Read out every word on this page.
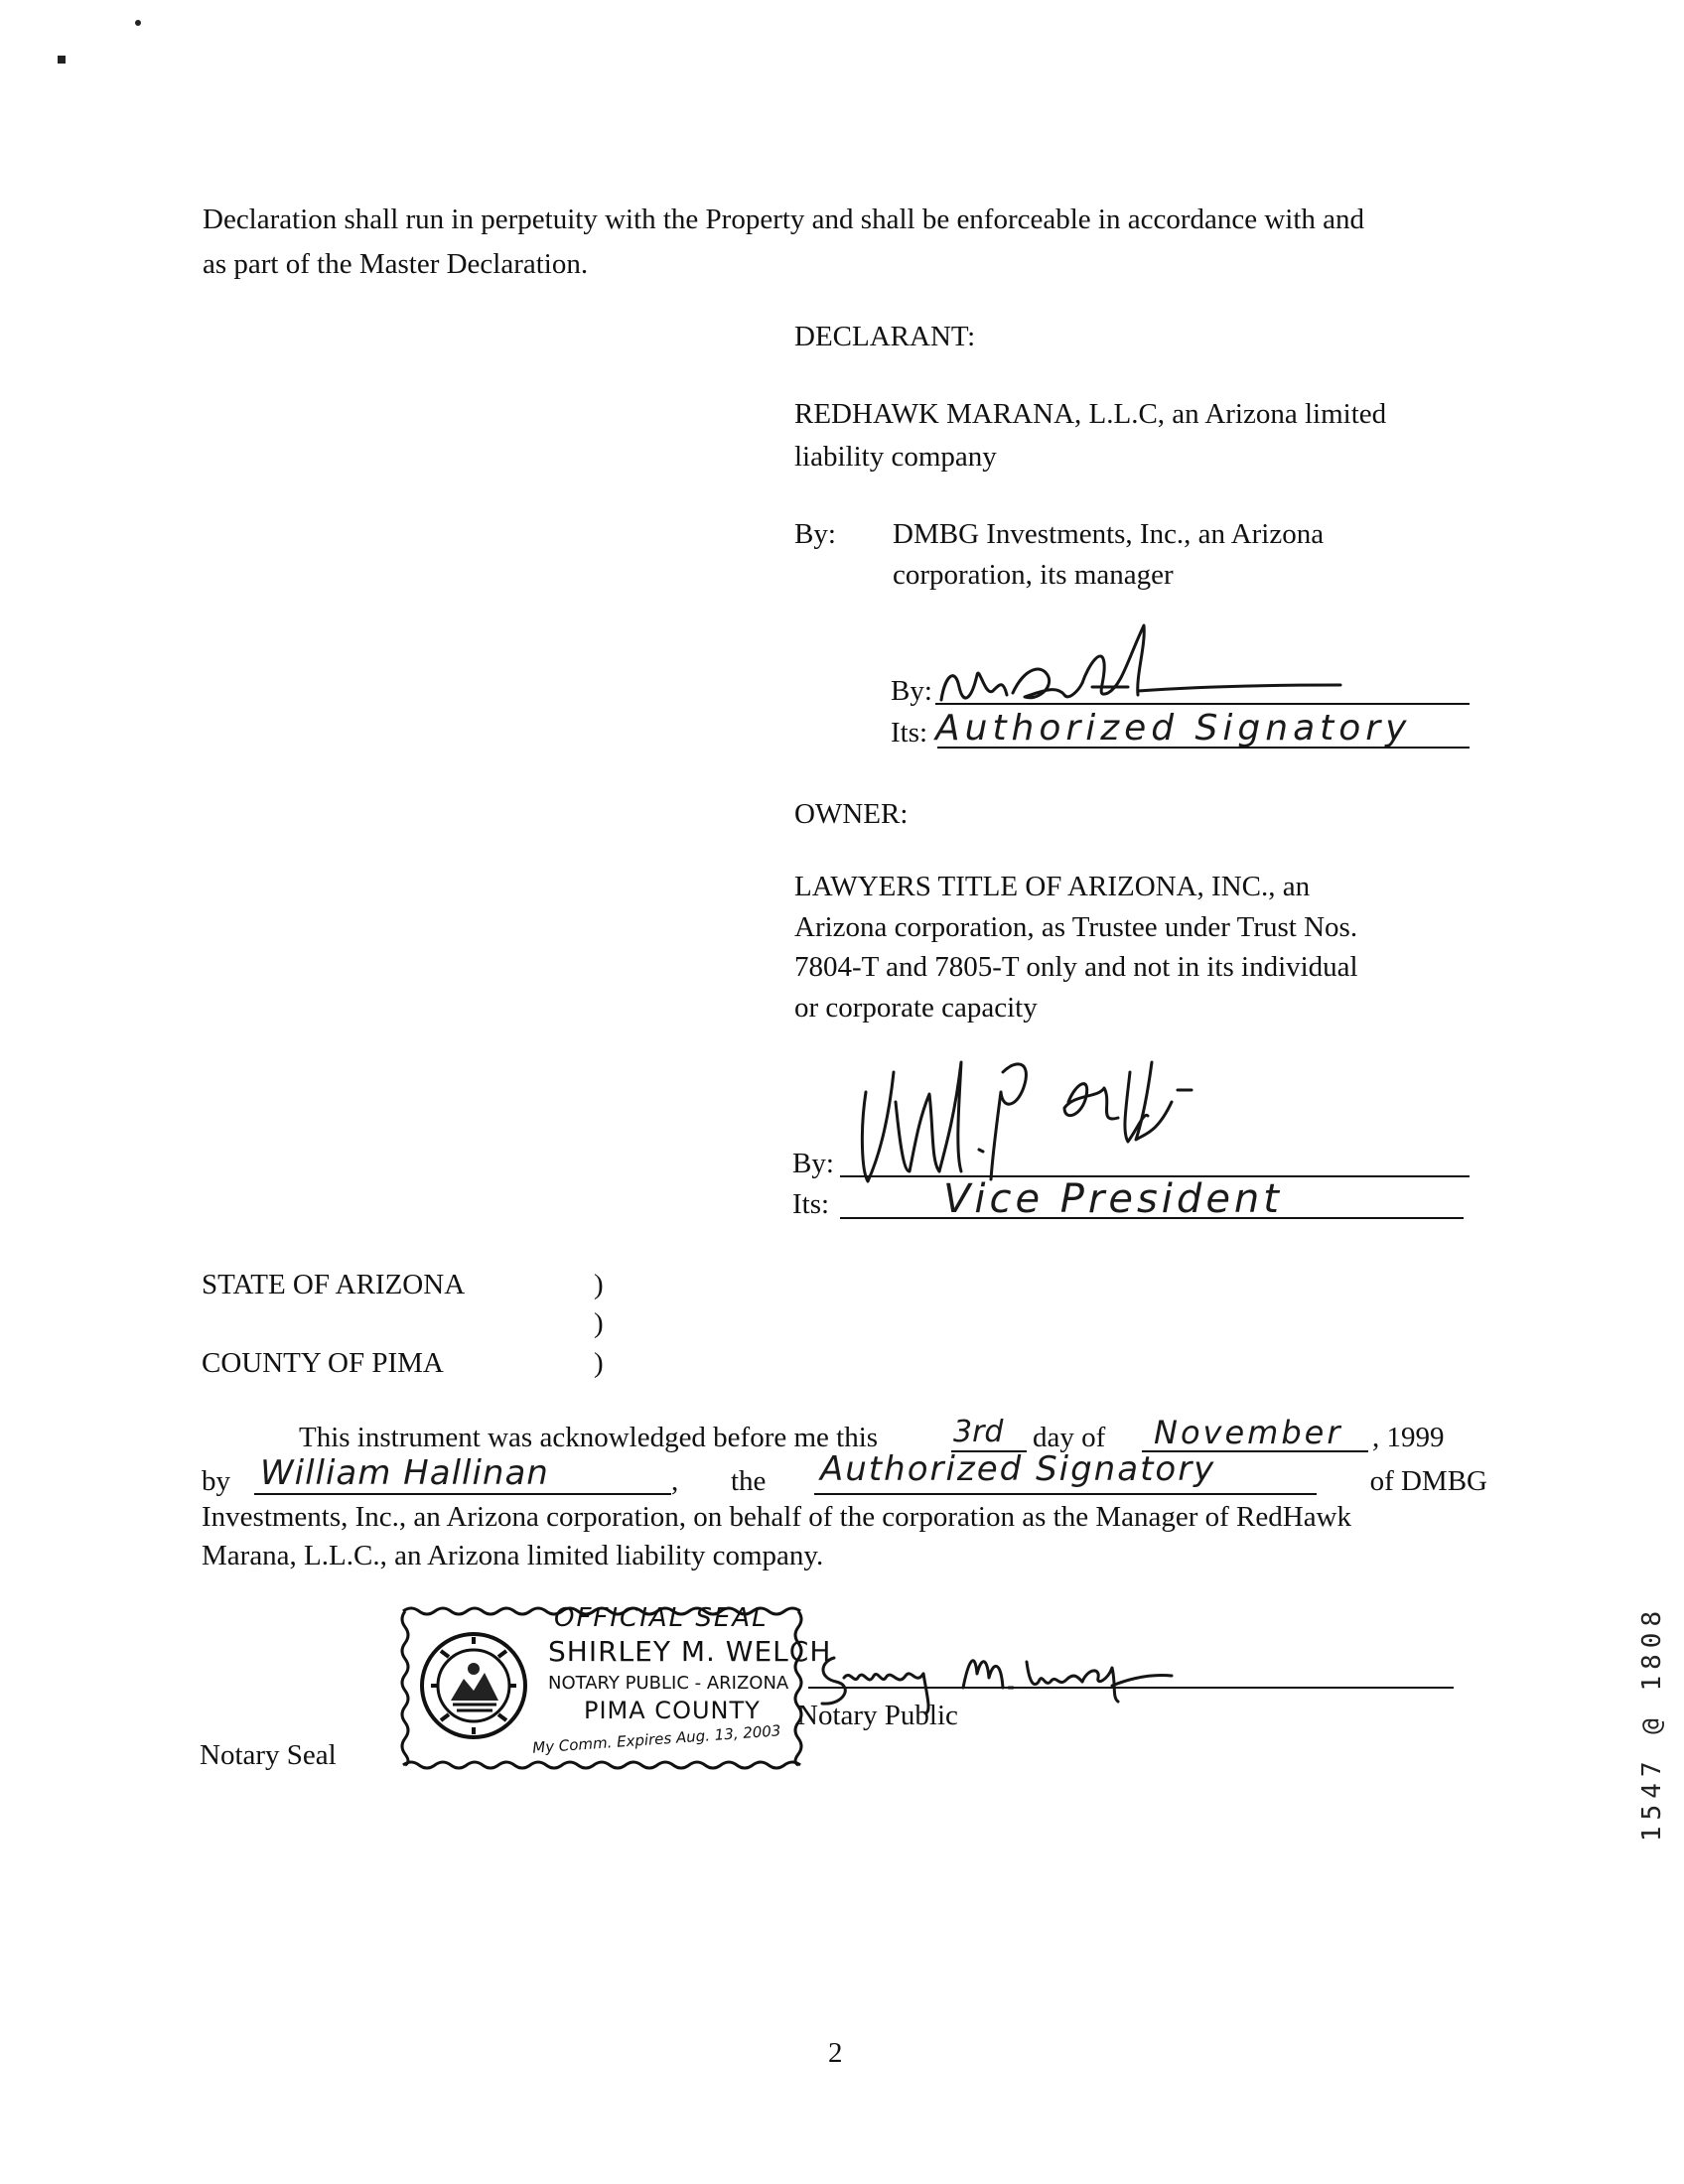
Declaration shall run in perpetuity with the Property and shall be enforceable in accordance with and
as part of the Master Declaration.
DECLARANT:
REDHAWK MARANA, L.L.C, an Arizona limited
liability company
By: DMBG Investments, Inc., an Arizona
corporation, its manager
By:
Its: Authorized Signatory
OWNER:
LAWYERS TITLE OF ARIZONA, INC., an
Arizona corporation, as Trustee under Trust Nos.
7804-T and 7805-T only and not in its individual
or corporate capacity
By:
Its:	Vice President
STATE OF ARIZONA	)
)
COUNTY OF PIMA	)
This instrument was acknowledged before me this	3rd day of November , 1999
by William Hallinan	, the Authorized Signatory	of DMBG
Investments, Inc., an Arizona corporation, on behalf of the corporation as the Manager of RedHawk
Marana, L.L.C., an Arizona limited liability company.
OFFICIAL SEAL
SHIRLEY M. WELCH
NOTARY PUBLIC - ARIZONA
PIMA COUNTY
My Comm. Expires Aug. 13, 2003
Notary Seal
Notary Public
2
1547 @ 1808
